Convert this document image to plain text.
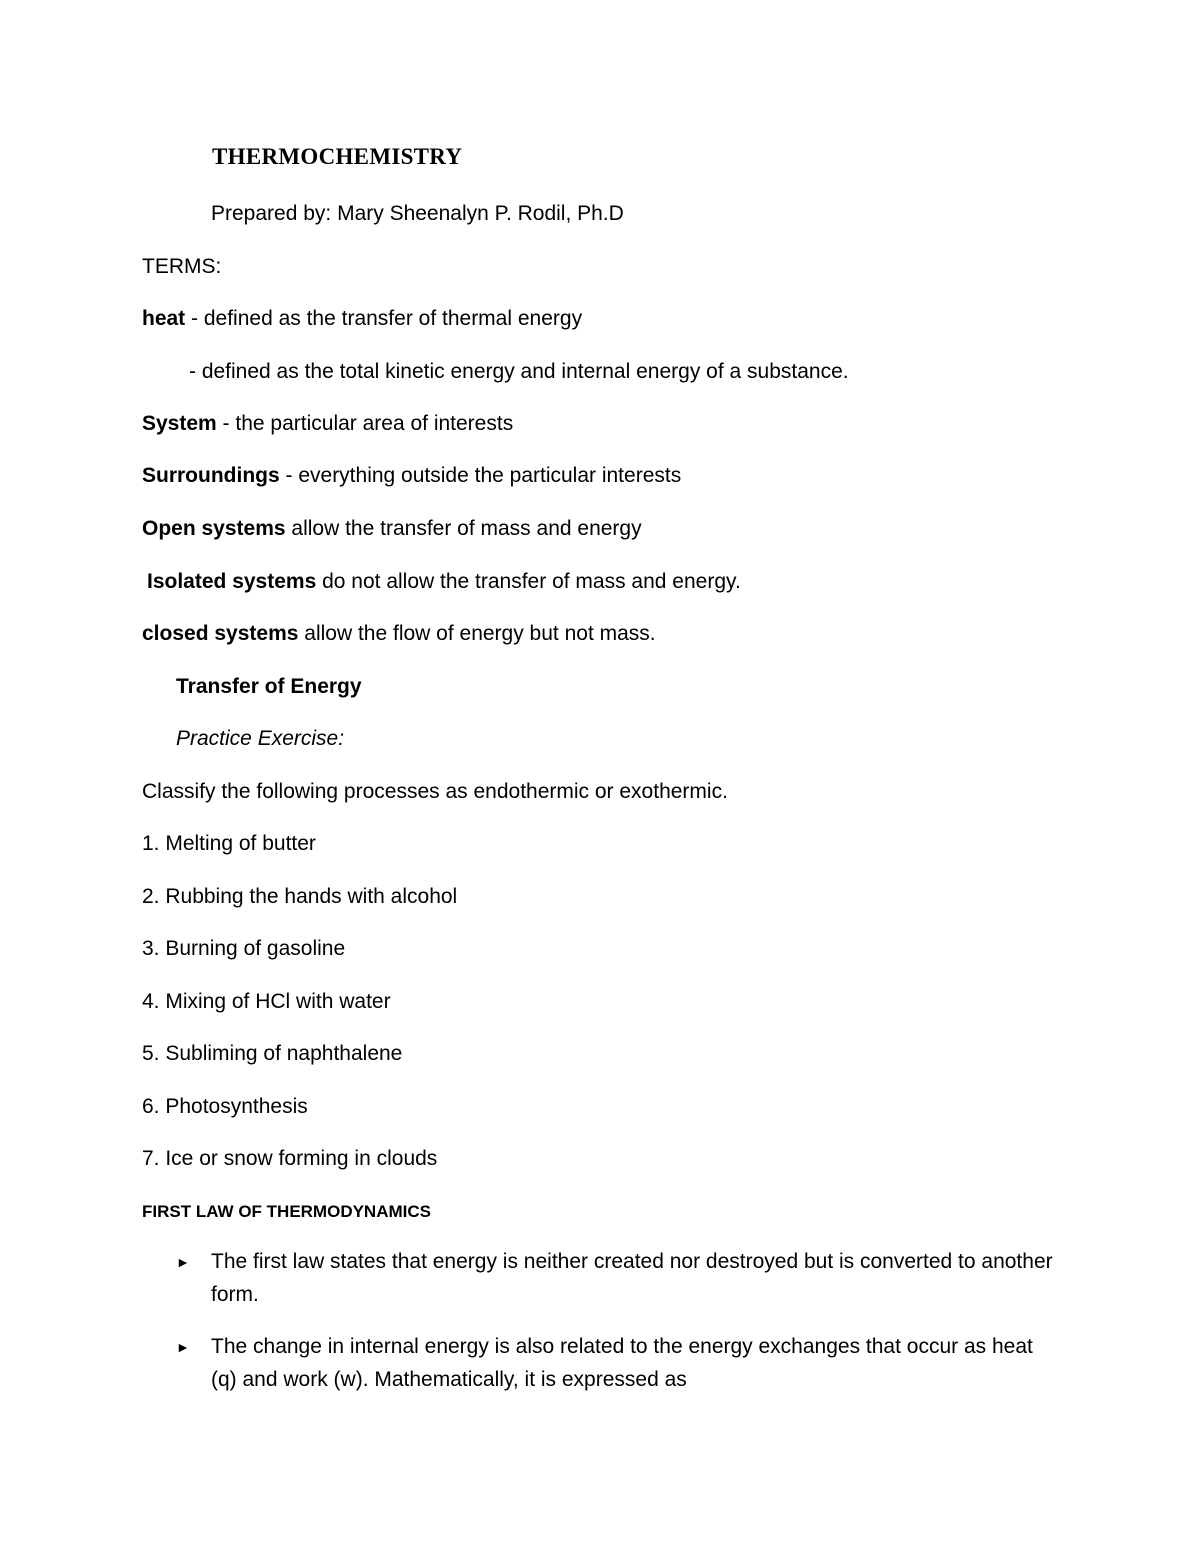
THERMOCHEMISTRY
Prepared by: Mary Sheenalyn P. Rodil, Ph.D
TERMS:
heat - defined as the transfer of thermal energy
- defined as the total kinetic energy and internal energy of a substance.
System - the particular area of interests
Surroundings - everything outside the particular interests
Open systems allow the transfer of mass and energy
Isolated systems do not allow the transfer of mass and energy.
closed systems allow the flow of energy but not mass.
Transfer of Energy
Practice Exercise:
Classify the following processes as endothermic or exothermic.
1. Melting of butter
2. Rubbing the hands with alcohol
3. Burning of gasoline
4. Mixing of HCl with water
5. Subliming of naphthalene
6. Photosynthesis
7. Ice or snow forming in clouds
FIRST LAW OF THERMODYNAMICS
► The first law states that energy is neither created nor destroyed but is converted to another form.
► The change in internal energy is also related to the energy exchanges that occur as heat (q) and work (w). Mathematically, it is expressed as
